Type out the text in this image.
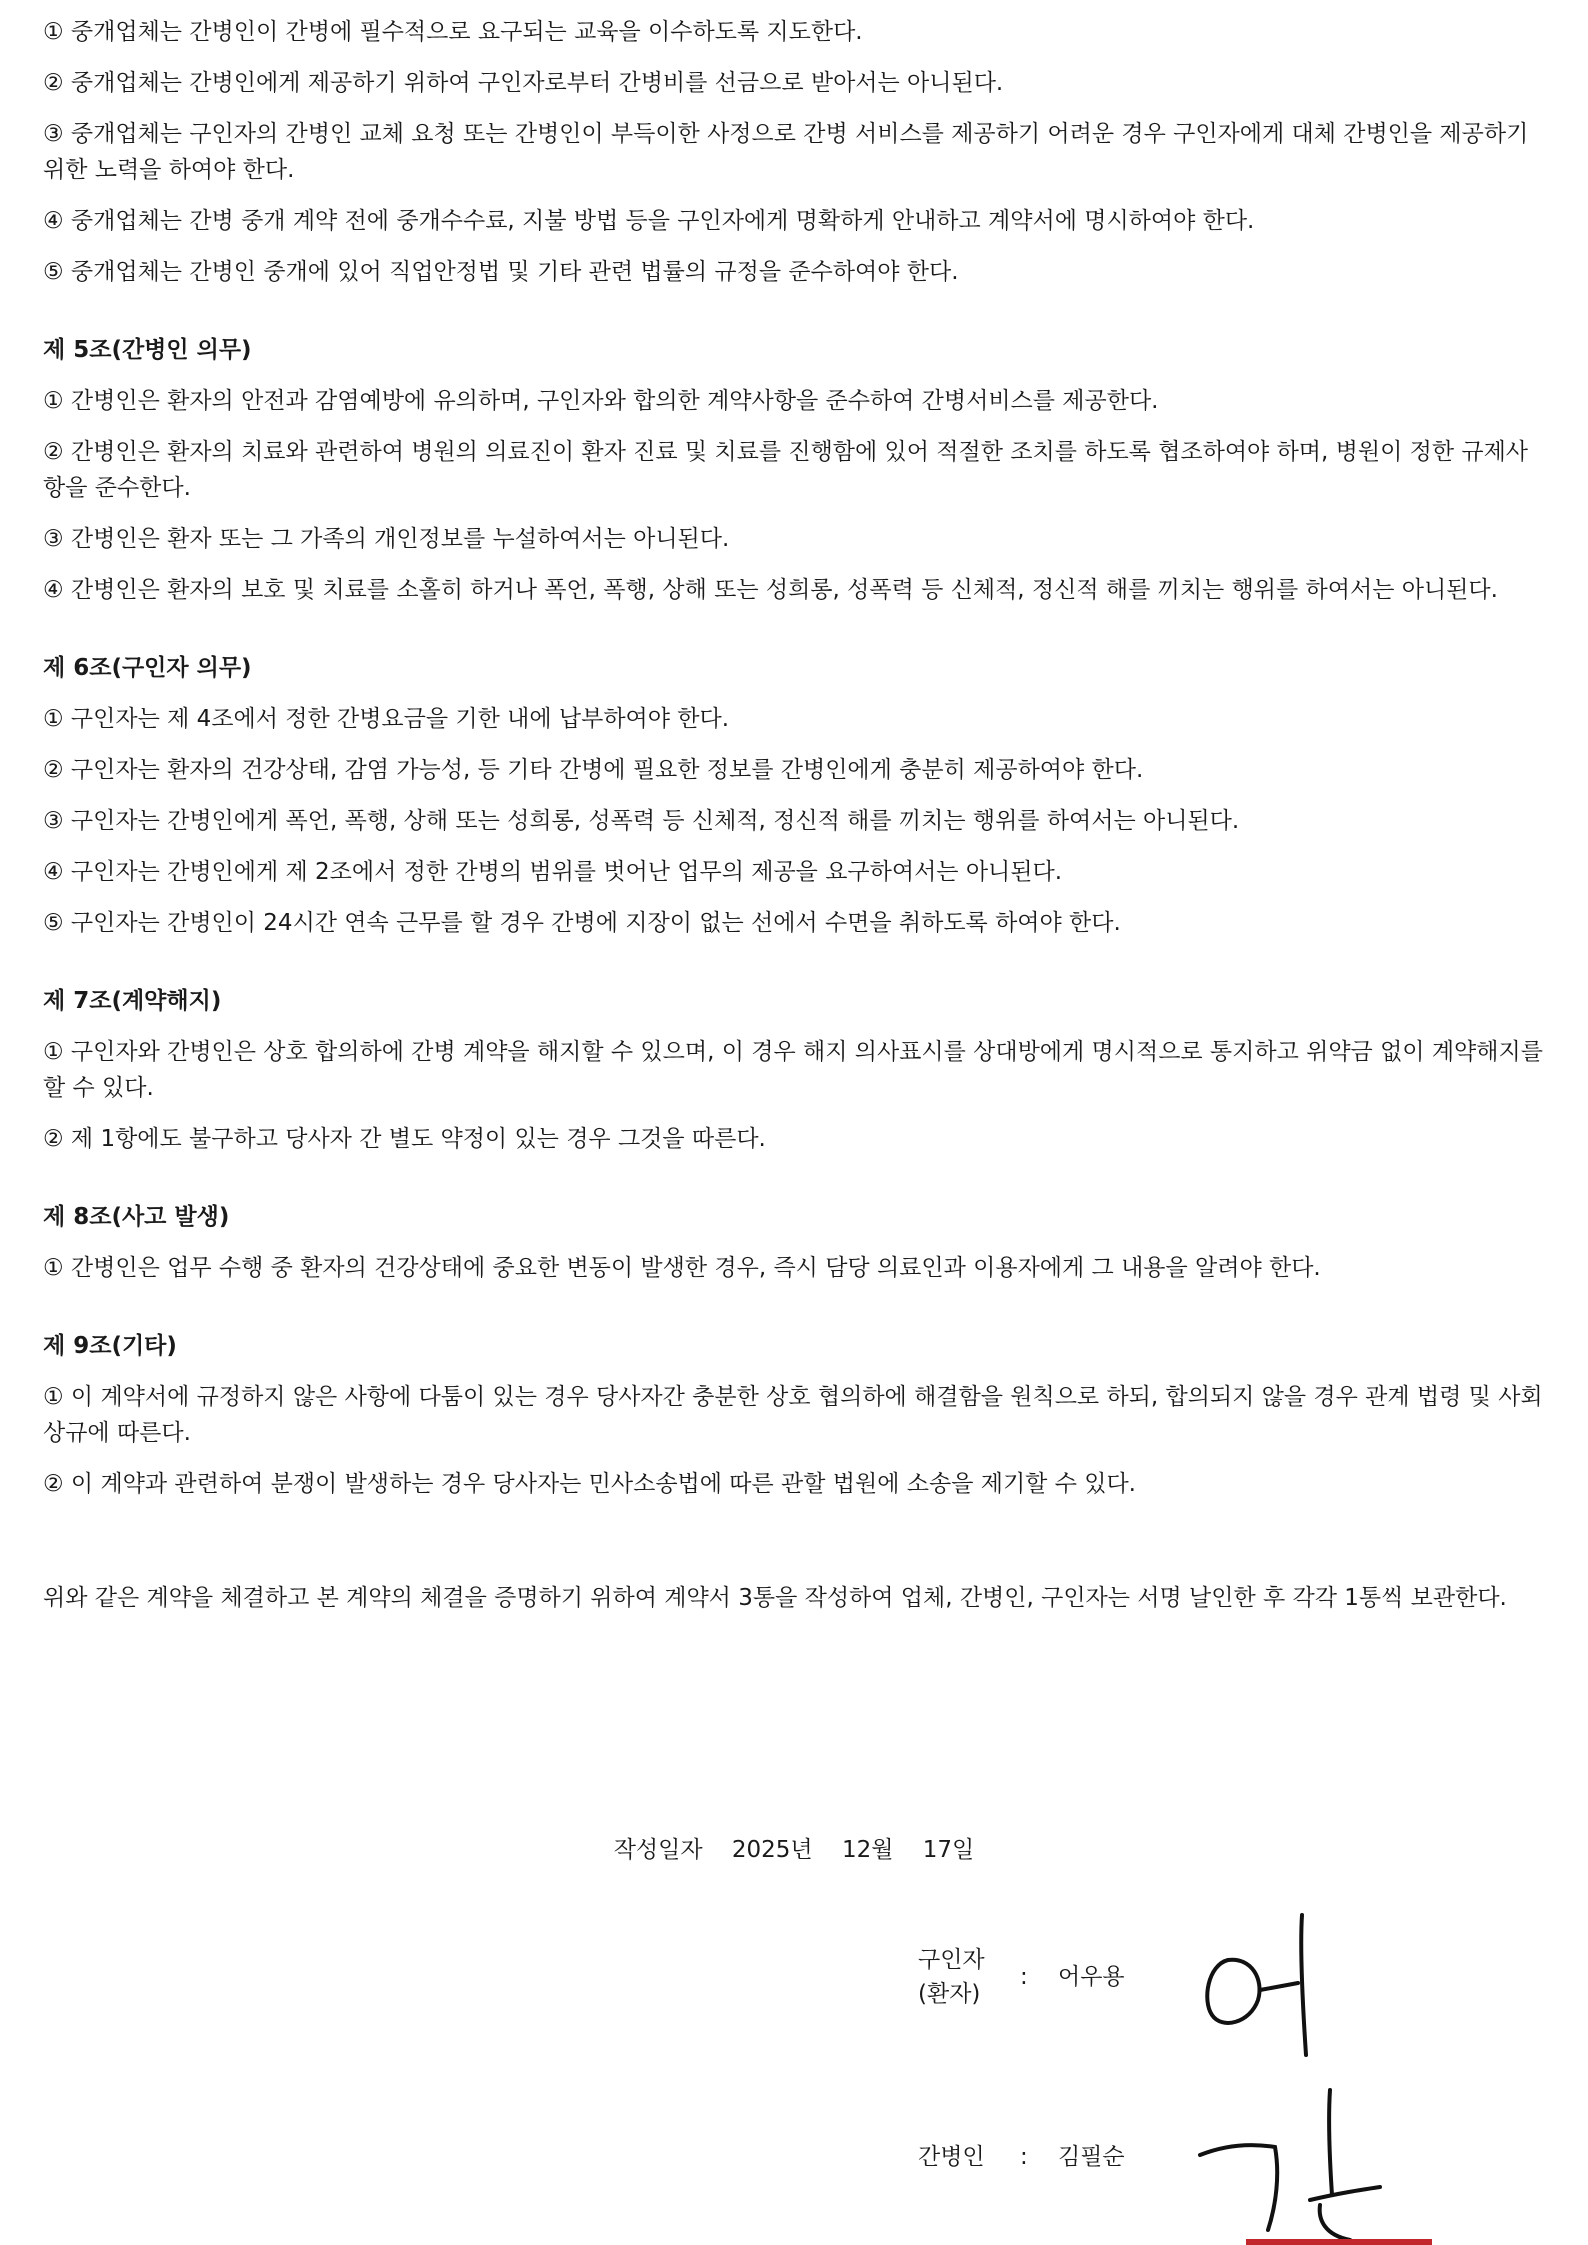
① 중개업체는 간병인이 간병에 필수적으로 요구되는 교육을 이수하도록 지도한다.

② 중개업체는 간병인에게 제공하기 위하여 구인자로부터 간병비를 선금으로 받아서는 아니된다.

③ 중개업체는 구인자의 간병인 교체 요청 또는 간병인이 부득이한 사정으로 간병 서비스를 제공하기 어려운 경우 구인자에게 대체 간병인을 제공하기 위한 노력을 하여야 한다.

④ 중개업체는 간병 중개 계약 전에 중개수수료, 지불 방법 등을 구인자에게 명확하게 안내하고 계약서에 명시하여야 한다.

⑤ 중개업체는 간병인 중개에 있어 직업안정법 및 기타 관련 법률의 규정을 준수하여야 한다.

제 5조(간병인 의무)

① 간병인은 환자의 안전과 감염예방에 유의하며, 구인자와 합의한 계약사항을 준수하여 간병서비스를 제공한다.

② 간병인은 환자의 치료와 관련하여 병원의 의료진이 환자 진료 및 치료를 진행함에 있어 적절한 조치를 하도록 협조하여야 하며, 병원이 정한 규제사항을 준수한다.

③ 간병인은 환자 또는 그 가족의 개인정보를 누설하여서는 아니된다.

④ 간병인은 환자의 보호 및 치료를 소홀히 하거나 폭언, 폭행, 상해 또는 성희롱, 성폭력 등 신체적, 정신적 해를 끼치는 행위를 하여서는 아니된다.

제 6조(구인자 의무)

① 구인자는 제 4조에서 정한 간병요금을 기한 내에 납부하여야 한다.

② 구인자는 환자의 건강상태, 감염 가능성, 등 기타 간병에 필요한 정보를 간병인에게 충분히 제공하여야 한다.

③ 구인자는 간병인에게 폭언, 폭행, 상해 또는 성희롱, 성폭력 등 신체적, 정신적 해를 끼치는 행위를 하여서는 아니된다.

④ 구인자는 간병인에게 제 2조에서 정한 간병의 범위를 벗어난 업무의 제공을 요구하여서는 아니된다.

⑤ 구인자는 간병인이 24시간 연속 근무를 할 경우 간병에 지장이 없는 선에서 수면을 취하도록 하여야 한다.

제 7조(계약해지)

① 구인자와 간병인은 상호 합의하에 간병 계약을 해지할 수 있으며, 이 경우 해지 의사표시를 상대방에게 명시적으로 통지하고 위약금 없이 계약해지를 할 수 있다.

② 제 1항에도 불구하고 당사자 간 별도 약정이 있는 경우 그것을 따른다.

제 8조(사고 발생)

① 간병인은 업무 수행 중 환자의 건강상태에 중요한 변동이 발생한 경우, 즉시 담당 의료인과 이용자에게 그 내용을 알려야 한다.

제 9조(기타)

① 이 계약서에 규정하지 않은 사항에 다툼이 있는 경우 당사자간 충분한 상호 협의하에 해결함을 원칙으로 하되, 합의되지 않을 경우 관계 법령 및 사회상규에 따른다.

② 이 계약과 관련하여 분쟁이 발생하는 경우 당사자는 민사소송법에 따른 관할 법원에 소송을 제기할 수 있다.

위와 같은 계약을 체결하고 본 계약의 체결을 증명하기 위하여 계약서 3통을 작성하여 업체, 간병인, 구인자는 서명 날인한 후 각각 1통씩 보관한다.

작성일자 2025년 12월 17일
구인자
(환자)
: 어우용
간병인 : 김필순
